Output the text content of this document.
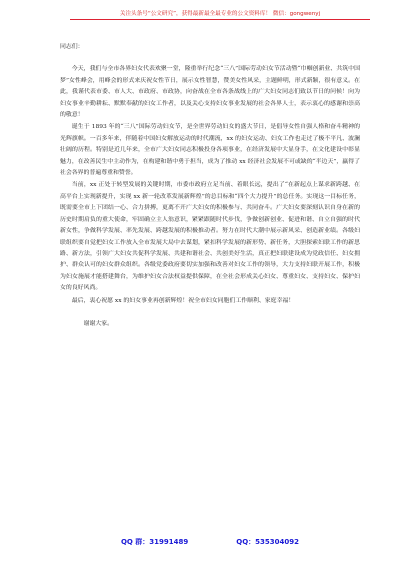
关注头条号“公文研究”，获得最新最全最专业的公文资料库！ 微信：gongwenyj

同志们：

今天，我们与全市各界妇女代表欢聚一堂，隆重举行纪念“三八”国际劳动妇女节活动暨“巾帼创新业、共筑中国梦”女性峰会，用峰会的形式来庆祝女性节日，展示女性智慧，赞美女性风采，主题鲜明，形式新颖，很有意义。在此，我谨代表市委、市人大、市政府、市政协，向奋战在全市各条战线上的广大妇女同志们致以节日的问候！向为妇女事业辛勤耕耘、默默奉献的妇女工作者，以及关心支持妇女事业发展的社会各界人士，表示衷心的感谢和崇高的敬意！

诞生于 1893 年的“三八”国际劳动妇女节，是全世界劳动妇女的盛大节日，是倡导女性自强人格和奋斗精神的光辉旗帜。一百多年来，伴随着中国妇女解放运动的时代潮流，xx 的妇女运动、妇女工作也走过了极不平凡、波澜壮阔的历程。特别是近几年来，全市广大妇女同志积极投身各项事业，在经济发展中大显身手，在文化建设中彰显魅力，在改善民生中主动作为，在构建和谐中勇于担当，成为了推动 xx 经济社会发展不可或缺的“半边天”，赢得了社会各界的普遍尊重和赞誉。

当前，xx 正处于转型发展的关键时期，市委市政府立足当前、着眼长远，提出了“在新起点上谋求新跨越、在高平台上实现新提升，实现 xx 新一轮改革发展新辉煌”的总目标和“四个大力提升”的总任务。实现这一目标任务，既需要全市上下团结一心、合力拼搏，更离不开广大妇女的积极参与、共同奋斗。广大妇女要深刻认识自身在新的历史时期肩负的重大使命，牢固确立主人翁意识，紧紧跟随时代步伐，争做创新创业、促进和谐、自立自强的时代新女性，争做科学发展、率先发展、跨越发展的积极推动者。努力在时代大潮中展示新风采、创造新业绩。各级妇联组织要自觉把妇女工作放入全市发展大局中去谋划，紧扣科学发展的新形势、新任务，大胆探索妇联工作的新思路、新方法，引领广大妇女共促科学发展、共建和谐社会、共创美好生活，真正把妇联建设成为党政信任、妇女拥护、群众认可的妇女群众组织。各级党委政府要切实加强和改善对妇女工作的领导，大力支持妇联开展工作，积极为妇女施展才能搭建舞台，为维护妇女合法权益提供保障，在全社会形成关心妇女、尊重妇女、支持妇女、保护妇女的良好风尚。

最后，衷心祝愿 xx 的妇女事业再创新辉煌！祝全市妇女同胞们工作顺利、家庭幸福！

谢谢大家。

QQ 群：31991489	QQ：535304092
